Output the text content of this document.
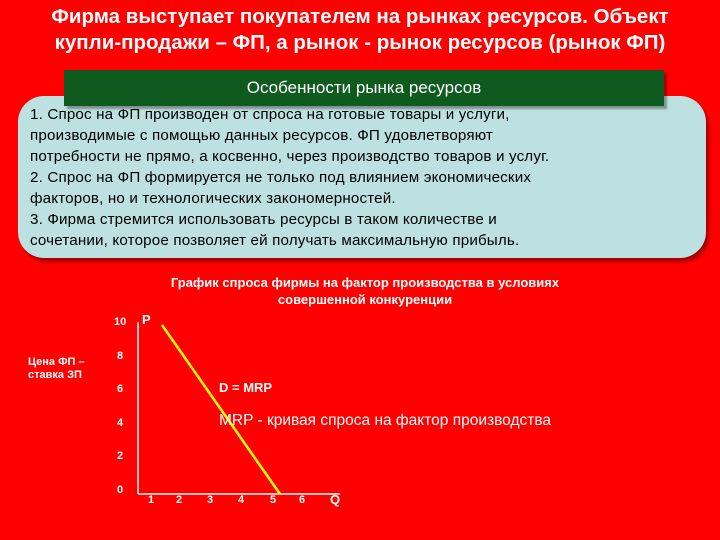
Фирма выступает покупателем на рынках ресурсов. Объект
купли-продажи – ФП, а рынок - рынок ресурсов (рынок ФП)
Особенности рынка ресурсов
1. Спрос на ФП производен от спроса на готовые товары и услуги,
производимые с помощью данных ресурсов. ФП удовлетворяют
потребности не прямо, а косвенно, через производство товаров и услуг.
2. Спрос на ФП формируется не только под влиянием экономических
факторов, но и технологических закономерностей.
3. Фирма стремится использовать ресурсы в таком количестве и
сочетании, которое позволяет ей получать максимальную прибыль.
График спроса фирмы на фактор производства в условиях
совершенной конкуренции
Цена ФП – ставка ЗП
P
Q
10
8
6
4
2
0
1 2 3 4 5 6
D = MRP
MRP - кривая спроса на фактор производства
